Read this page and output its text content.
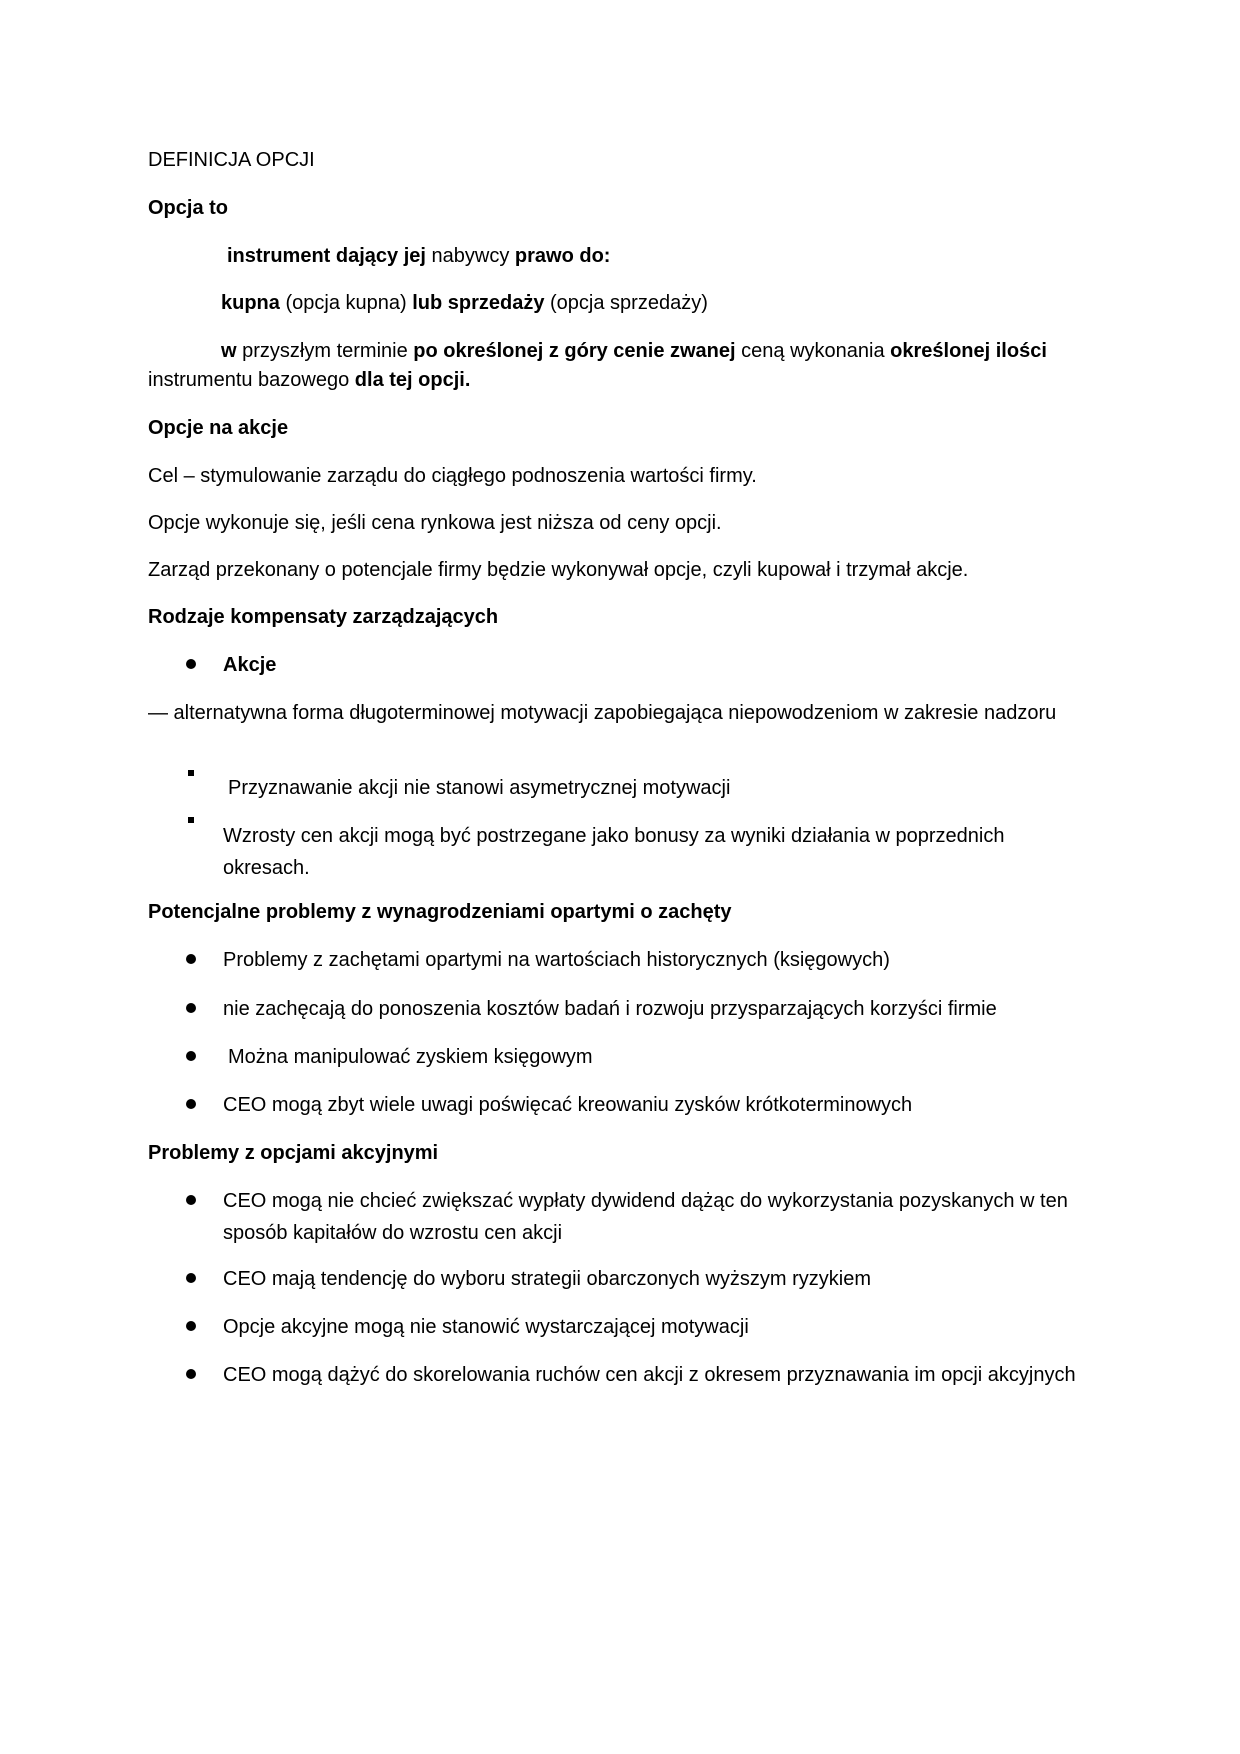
DEFINICJA OPCJI
Opcja to
instrument dający jej nabywcy prawo do:
kupna (opcja kupna) lub sprzedaży (opcja sprzedaży)
w przyszłym terminie po określonej z góry cenie zwanej ceną wykonania określonej ilości
instrumentu bazowego dla tej opcji.
Opcje na akcje
Cel – stymulowanie zarządu do ciągłego podnoszenia wartości firmy.
Opcje wykonuje się, jeśli cena rynkowa jest niższa od ceny opcji.
Zarząd przekonany o potencjale firmy będzie wykonywał opcje, czyli kupował i trzymał akcje.
Rodzaje kompensaty zarządzających
Akcje
— alternatywna forma długoterminowej motywacji zapobiegająca niepowodzeniom w zakresie nadzoru
Przyznawanie akcji nie stanowi asymetrycznej motywacji
Wzrosty cen akcji mogą być postrzegane jako bonusy za wyniki działania w poprzednich okresach.
Potencjalne problemy z wynagrodzeniami opartymi o zachęty
Problemy z zachętami opartymi na wartościach historycznych (księgowych)
nie zachęcają do ponoszenia kosztów badań i rozwoju przysparzających korzyści firmie
Można manipulować zyskiem księgowym
CEO mogą zbyt wiele uwagi poświęcać kreowaniu zysków krótkoterminowych
Problemy z opcjami akcyjnymi
CEO mogą nie chcieć zwiększać wypłaty dywidend dążąc do wykorzystania pozyskanych w ten sposób kapitałów do wzrostu cen akcji
CEO mają tendencję do wyboru strategii obarczonych wyższym ryzykiem
Opcje akcyjne mogą nie stanowić wystarczającej motywacji
CEO mogą dążyć do skorelowania ruchów cen akcji z okresem przyznawania im opcji akcyjnych
